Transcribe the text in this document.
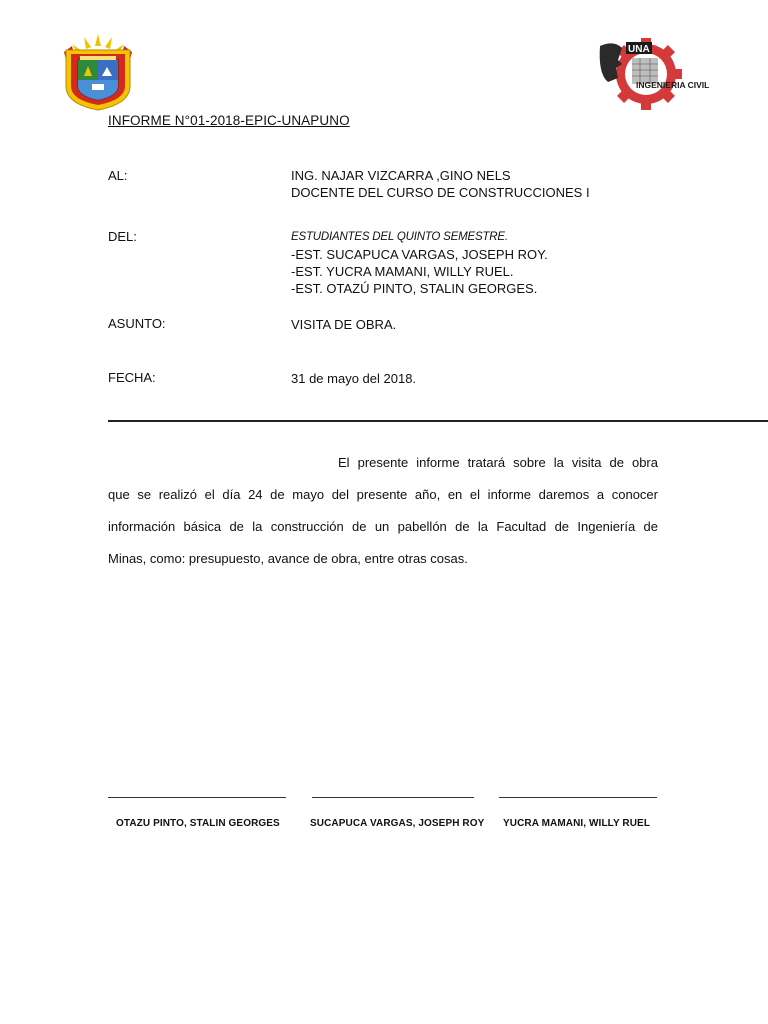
UNA
INGENIERIA CIVIL
INFORME N°01-2018-EPIC-UNAPUNO
AL:	ING. NAJAR VIZCARRA ,GINO NELS
DOCENTE DEL CURSO DE CONSTRUCCIONES I
DEL:	ESTUDIANTES DEL QUINTO SEMESTRE.
-EST. SUCAPUCA VARGAS, JOSEPH ROY.
-EST. YUCRA MAMANI, WILLY RUEL.
-EST. OTAZÚ PINTO, STALIN GEORGES.
ASUNTO:	VISITA DE OBRA.
FECHA:	31 de mayo del 2018.
El presente informe tratará sobre la visita de obra
que se realizó el día 24 de mayo del presente año, en el informe daremos a conocer
información básica de la construcción de un pabellón de la Facultad de Ingeniería de
Minas, como: presupuesto, avance de obra, entre otras cosas.
OTAZU PINTO, STALIN GEORGES	SUCAPUCA VARGAS, JOSEPH ROY YUCRA MAMANI, WILLY RUEL
